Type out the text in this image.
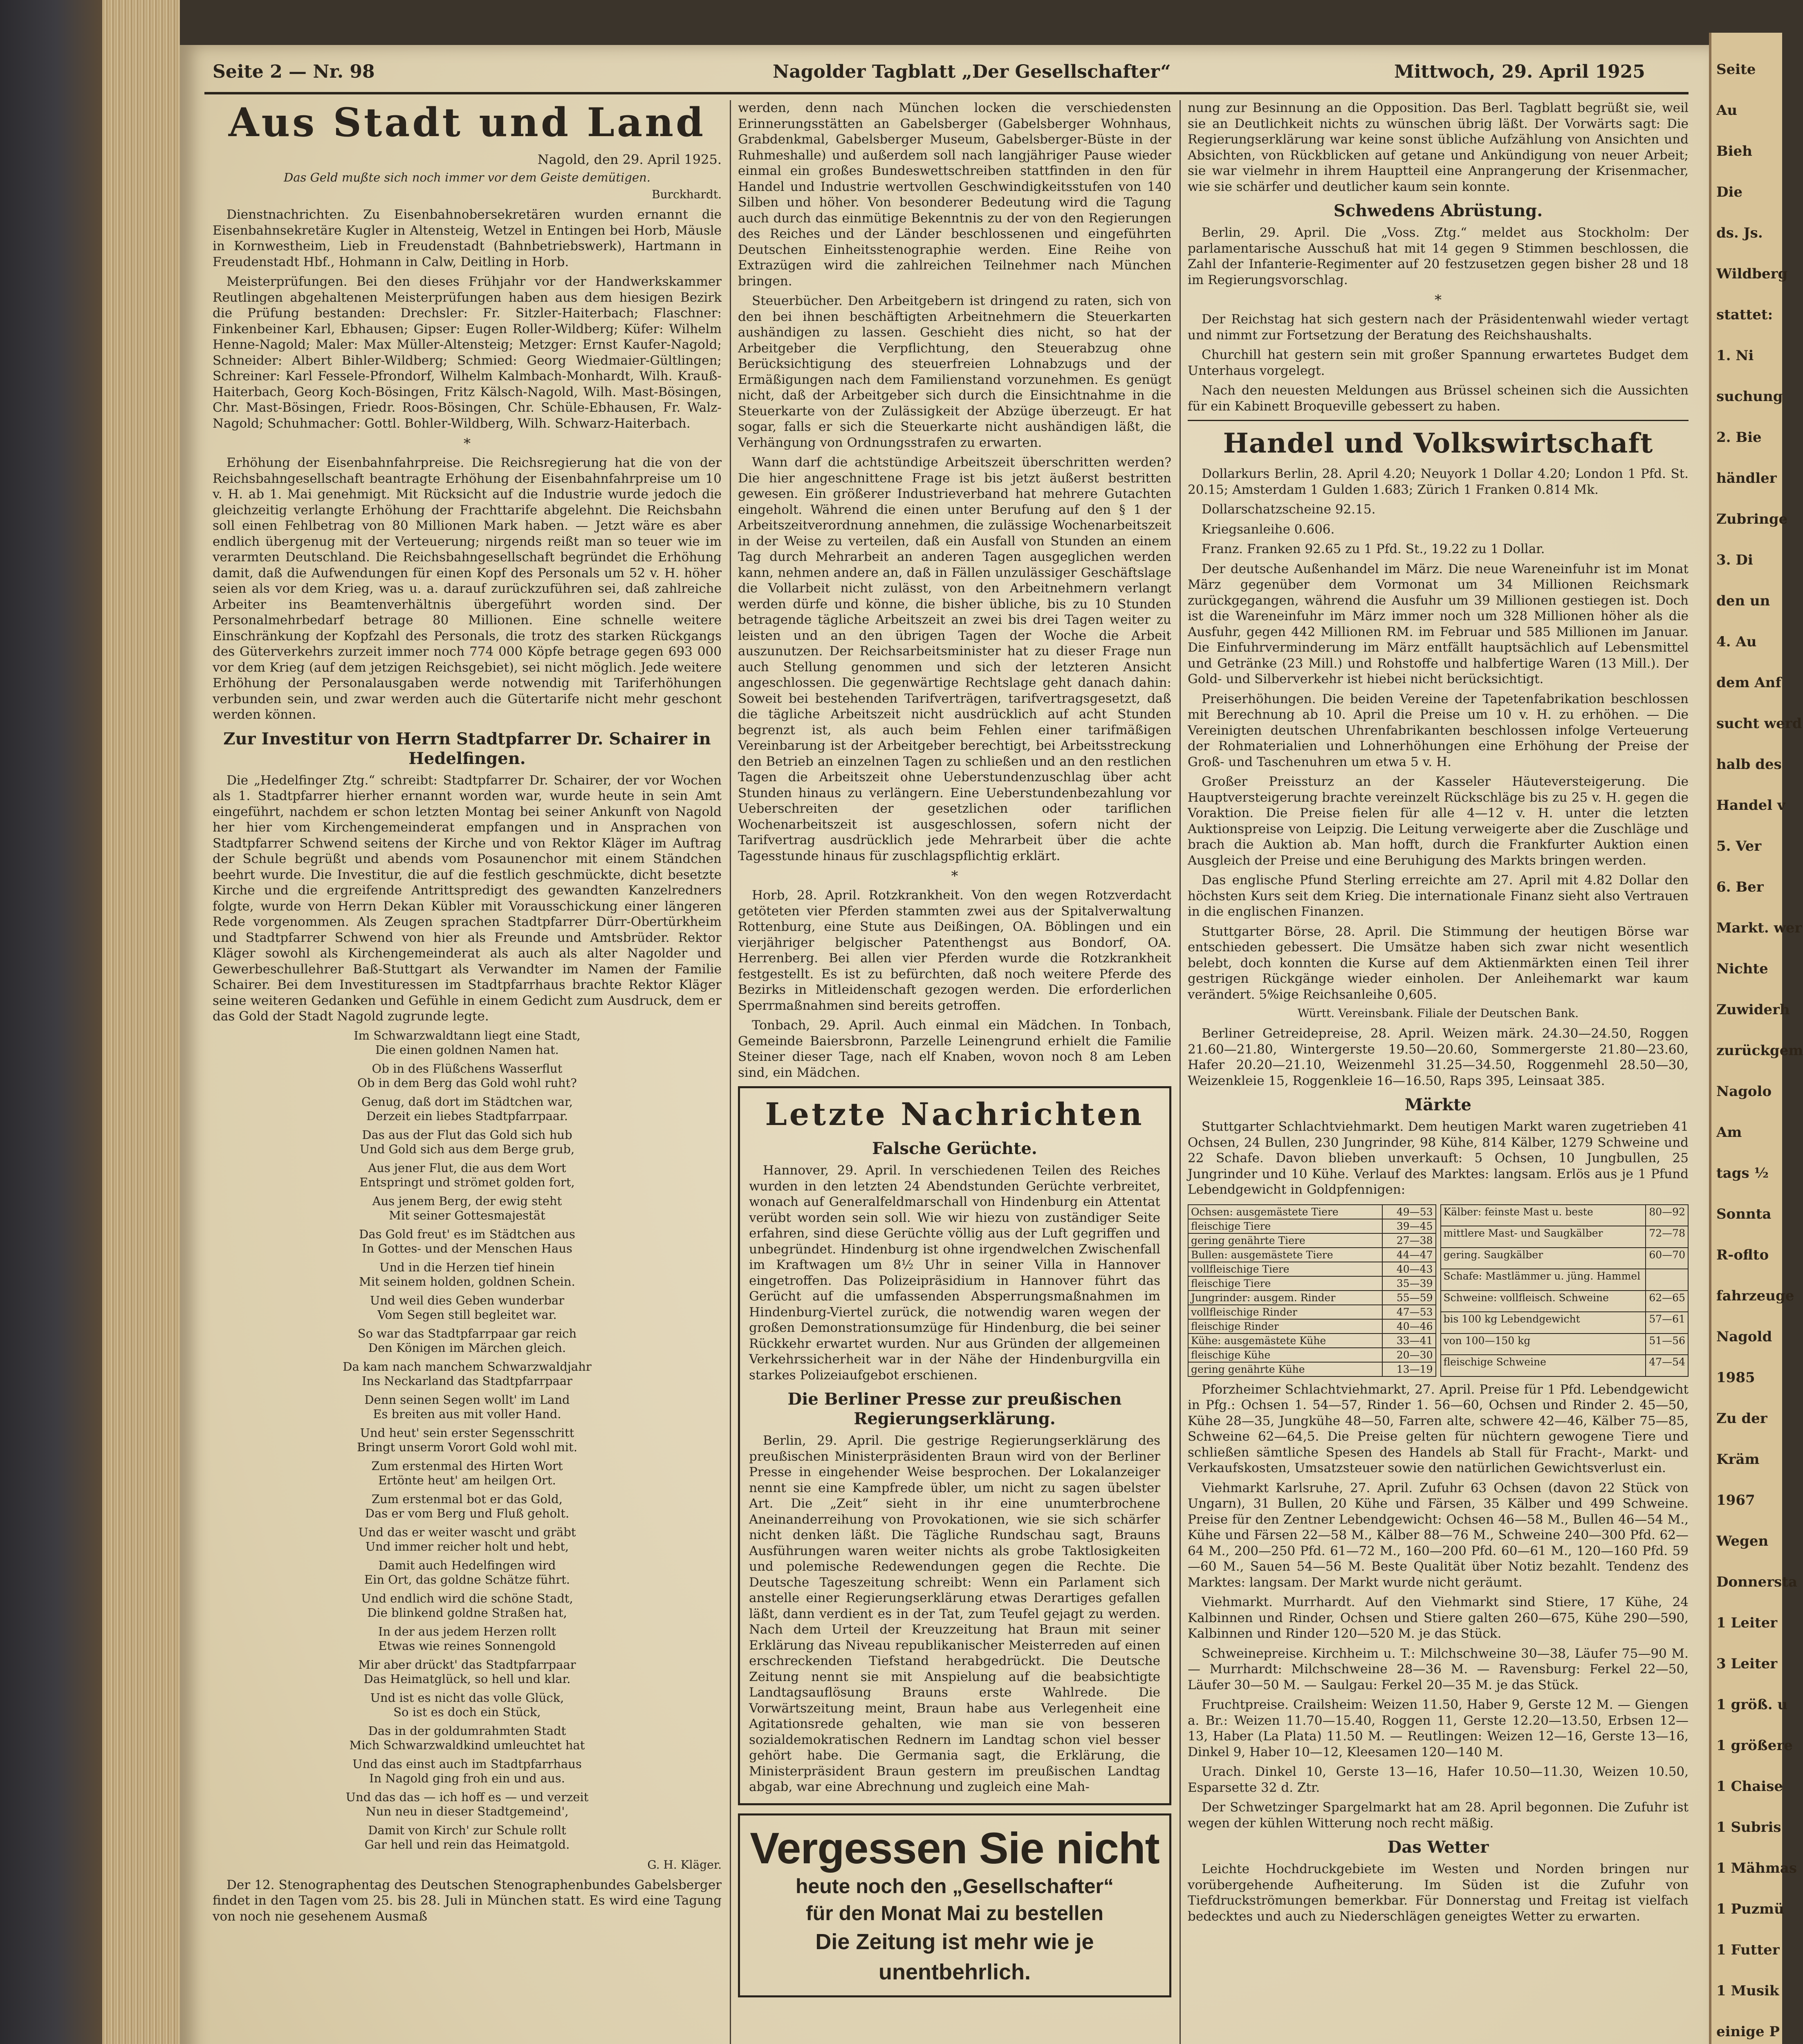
Seite
Au
Bieh
Die
ds. Js.
Wildberg
stattet:
1. Ni
suchung
2. Bie
händler
Zubringe
3. Di
den un
4. Au
dem Anf
sucht werd
halb des
Handel v
5. Ver
6. Ber
Markt. wer
Nichte
Zuwiderh
zurückgem
Nagolo
Am
tags ½
Sonnta
R-oflto
fahrzeuge
Nagold
1985
Zu der
Kräm
1967
Wegen
Donnersta
1 Leiter
3 Leiter
1 größ. u
1 größere
1 Chaise
1 Subris
1 Mähmas
1 Puzmü
1 Futter
1 Musik
einige P
Seite 2 — Nr. 98	Nagolder Tagblatt „Der Gesellschafter“	Mittwoch, 29. April 1925
Aus Stadt und Land
Nagold, den 29. April 1925.
Das Geld mußte sich noch immer vor dem Geiste demütigen.
Burckhardt.

Dienstnachrichten. Zu Eisenbahnobersekretären wurden ernannt die Eisenbahnsekretäre Kugler in Altensteig, Wetzel in Entingen bei Horb, Mäusle in Kornwestheim, Lieb in Freudenstadt (Bahnbetriebswerk), Hartmann in Freudenstadt Hbf., Hohmann in Calw, Deitling in Horb.

Meisterprüfungen. Bei den dieses Frühjahr vor der Handwerkskammer Reutlingen abgehaltenen Meisterprüfungen haben aus dem hiesigen Bezirk die Prüfung bestanden: Drechsler: Fr. Sitzler-Haiterbach; Flaschner: Finkenbeiner Karl, Ebhausen; Gipser: Eugen Roller-Wildberg; Küfer: Wilhelm Henne-Nagold; Maler: Max Müller-Altensteig; Metzger: Ernst Kaufer-Nagold; Schneider: Albert Bihler-Wildberg; Schmied: Georg Wiedmaier-Gültlingen; Schreiner: Karl Fessele-Pfrondorf, Wilhelm Kalmbach-Monhardt, Wilh. Krauß-Haiterbach, Georg Koch-Bösingen, Fritz Kälsch-Nagold, Wilh. Mast-Bösingen, Chr. Mast-Bösingen, Friedr. Roos-Bösingen, Chr. Schüle-Ebhausen, Fr. Walz-Nagold; Schuhmacher: Gottl. Bohler-Wildberg, Wilh. Schwarz-Haiterbach.

*

Erhöhung der Eisenbahnfahrpreise. Die Reichsregierung hat die von der Reichsbahngesellschaft beantragte Erhöhung der Eisenbahnfahrpreise um 10 v. H. ab 1. Mai genehmigt. Mit Rücksicht auf die Industrie wurde jedoch die gleichzeitig verlangte Erhöhung der Frachttarife abgelehnt. Die Reichsbahn soll einen Fehlbetrag von 80 Millionen Mark haben. — Jetzt wäre es aber endlich übergenug mit der Verteuerung; nirgends reißt man so teuer wie im verarmten Deutschland. Die Reichsbahngesellschaft begründet die Erhöhung damit, daß die Aufwendungen für einen Kopf des Personals um 52 v. H. höher seien als vor dem Krieg, was u. a. darauf zurückzuführen sei, daß zahlreiche Arbeiter ins Beamtenverhältnis übergeführt worden sind. Der Personalmehrbedarf betrage 80 Millionen. Eine schnelle weitere Einschränkung der Kopfzahl des Personals, die trotz des starken Rückgangs des Güterverkehrs zurzeit immer noch 774 000 Köpfe betrage gegen 693 000 vor dem Krieg (auf dem jetzigen Reichsgebiet), sei nicht möglich. Jede weitere Erhöhung der Personalausgaben werde notwendig mit Tariferhöhungen verbunden sein, und zwar werden auch die Gütertarife nicht mehr geschont werden können.

Zur Investitur von Herrn Stadtpfarrer Dr. Schairer in Hedelfingen.

Die „Hedelfinger Ztg.“ schreibt: Stadtpfarrer Dr. Schairer, der vor Wochen als 1. Stadtpfarrer hierher ernannt worden war, wurde heute in sein Amt eingeführt, nachdem er schon letzten Montag bei seiner Ankunft von Nagold her hier vom Kirchengemeinderat empfangen und in Ansprachen von Stadtpfarrer Schwend seitens der Kirche und von Rektor Kläger im Auftrag der Schule begrüßt und abends vom Posaunenchor mit einem Ständchen beehrt wurde. Die Investitur, die auf die festlich geschmückte, dicht besetzte Kirche und die ergreifende Antrittspredigt des gewandten Kanzelredners folgte, wurde von Herrn Dekan Kübler mit Vorausschickung einer längeren Rede vorgenommen. Als Zeugen sprachen Stadtpfarrer Dürr-Obertürkheim und Stadtpfarrer Schwend von hier als Freunde und Amtsbrüder. Rektor Kläger sowohl als Kirchengemeinderat als auch als alter Nagolder und Gewerbeschullehrer Baß-Stuttgart als Verwandter im Namen der Familie Schairer. Bei dem Investituressen im Stadtpfarrhaus brachte Rektor Kläger seine weiteren Gedanken und Gefühle in einem Gedicht zum Ausdruck, dem er das Gold der Stadt Nagold zugrunde legte.

Im Schwarzwaldtann liegt eine Stadt,
Die einen goldnen Namen hat.
Ob in des Flüßchens Wasserflut
Ob in dem Berg das Gold wohl ruht?
Genug, daß dort im Städtchen war,
Derzeit ein liebes Stadtpfarrpaar.
Das aus der Flut das Gold sich hub
Und Gold sich aus dem Berge grub,
Aus jener Flut, die aus dem Wort
Entspringt und strömet golden fort,
Aus jenem Berg, der ewig steht
Mit seiner Gottesmajestät
Das Gold freut' es im Städtchen aus
In Gottes- und der Menschen Haus
Und in die Herzen tief hinein
Mit seinem holden, goldnen Schein.
Und weil dies Geben wunderbar
Vom Segen still begleitet war.
So war das Stadtpfarrpaar gar reich
Den Königen im Märchen gleich.
Da kam nach manchem Schwarzwaldjahr
Ins Neckarland das Stadtpfarrpaar
Denn seinen Segen wollt' im Land
Es breiten aus mit voller Hand.
Und heut' sein erster Segensschritt
Bringt unserm Vorort Gold wohl mit.
Zum erstenmal des Hirten Wort
Ertönte heut' am heilgen Ort.
Zum erstenmal bot er das Gold,
Das er vom Berg und Fluß geholt.
Und das er weiter wascht und gräbt
Und immer reicher holt und hebt,
Damit auch Hedelfingen wird
Ein Ort, das goldne Schätze führt.
Und endlich wird die schöne Stadt,
Die blinkend goldne Straßen hat,
In der aus jedem Herzen rollt
Etwas wie reines Sonnengold
Mir aber drückt' das Stadtpfarrpaar
Das Heimatglück, so hell und klar.
Und ist es nicht das volle Glück,
So ist es doch ein Stück,
Das in der goldumrahmten Stadt
Mich Schwarzwaldkind umleuchtet hat
Und das einst auch im Stadtpfarrhaus
In Nagold ging froh ein und aus.
Und das das — ich hoff es — und verzeit
Nun neu in dieser Stadtgemeind',
Damit von Kirch' zur Schule rollt
Gar hell und rein das Heimatgold.
G. H. Kläger.

Der 12. Stenographentag des Deutschen Stenographenbundes Gabelsberger findet in den Tagen vom 25. bis 28. Juli in München statt. Es wird eine Tagung von noch nie gesehenem Ausmaß

werden, denn nach München locken die verschiedensten Erinnerungsstätten an Gabelsberger (Gabelsberger Wohnhaus, Grabdenkmal, Gabelsberger Museum, Gabelsberger-Büste in der Ruhmeshalle) und außerdem soll nach langjähriger Pause wieder einmal ein großes Bundeswettschreiben stattfinden in den für Handel und Industrie wertvollen Geschwindigkeitsstufen von 140 Silben und höher. Von besonderer Bedeutung wird die Tagung auch durch das einmütige Bekenntnis zu der von den Regierungen des Reiches und der Länder beschlossenen und eingeführten Deutschen Einheitsstenographie werden. Eine Reihe von Extrazügen wird die zahlreichen Teilnehmer nach München bringen.

Steuerbücher. Den Arbeitgebern ist dringend zu raten, sich von den bei ihnen beschäftigten Arbeitnehmern die Steuerkarten aushändigen zu lassen. Geschieht dies nicht, so hat der Arbeitgeber die Verpflichtung, den Steuerabzug ohne Berücksichtigung des steuerfreien Lohnabzugs und der Ermäßigungen nach dem Familienstand vorzunehmen. Es genügt nicht, daß der Arbeitgeber sich durch die Einsichtnahme in die Steuerkarte von der Zulässigkeit der Abzüge überzeugt. Er hat sogar, falls er sich die Steuerkarte nicht aushändigen läßt, die Verhängung von Ordnungsstrafen zu erwarten.

Wann darf die achtstündige Arbeitszeit überschritten werden? Die hier angeschnittene Frage ist bis jetzt äußerst bestritten gewesen. Ein größerer Industrieverband hat mehrere Gutachten eingeholt. Während die einen unter Berufung auf den § 1 der Arbeitszeitverordnung annehmen, die zulässige Wochenarbeitszeit in der Weise zu verteilen, daß ein Ausfall von Stunden an einem Tag durch Mehrarbeit an anderen Tagen ausgeglichen werden kann, nehmen andere an, daß in Fällen unzulässiger Geschäftslage die Vollarbeit nicht zulässt, von den Arbeitnehmern verlangt werden dürfe und könne, die bisher übliche, bis zu 10 Stunden betragende tägliche Arbeitszeit an zwei bis drei Tagen weiter zu leisten und an den übrigen Tagen der Woche die Arbeit auszunutzen. Der Reichsarbeitsminister hat zu dieser Frage nun auch Stellung genommen und sich der letzteren Ansicht angeschlossen. Die gegenwärtige Rechtslage geht danach dahin: Soweit bei bestehenden Tarifverträgen, tarifvertragsgesetzt, daß die tägliche Arbeitszeit nicht ausdrücklich auf acht Stunden begrenzt ist, als auch beim Fehlen einer tarifmäßigen Vereinbarung ist der Arbeitgeber berechtigt, bei Arbeitsstreckung den Betrieb an einzelnen Tagen zu schließen und an den restlichen Tagen die Arbeitszeit ohne Ueberstundenzuschlag über acht Stunden hinaus zu verlängern. Eine Ueberstundenbezahlung vor Ueberschreiten der gesetzlichen oder tariflichen Wochenarbeitszeit ist ausgeschlossen, sofern nicht der Tarifvertrag ausdrücklich jede Mehrarbeit über die achte Tagesstunde hinaus für zuschlagspflichtig erklärt.

*

Horb, 28. April. Rotzkrankheit. Von den wegen Rotzverdacht getöteten vier Pferden stammten zwei aus der Spitalverwaltung Rottenburg, eine Stute aus Deißingen, OA. Böblingen und ein vierjähriger belgischer Patenthengst aus Bondorf, OA. Herrenberg. Bei allen vier Pferden wurde die Rotzkrankheit festgestellt. Es ist zu befürchten, daß noch weitere Pferde des Bezirks in Mitleidenschaft gezogen werden. Die erforderlichen Sperrmaßnahmen sind bereits getroffen.

Tonbach, 29. April. Auch einmal ein Mädchen. In Tonbach, Gemeinde Baiersbronn, Parzelle Leinengrund erhielt die Familie Steiner dieser Tage, nach elf Knaben, wovon noch 8 am Leben sind, ein Mädchen.

Letzte Nachrichten
Falsche Gerüchte.

Hannover, 29. April. In verschiedenen Teilen des Reiches wurden in den letzten 24 Abendstunden Gerüchte verbreitet, wonach auf Generalfeldmarschall von Hindenburg ein Attentat verübt worden sein soll. Wie wir hiezu von zuständiger Seite erfahren, sind diese Gerüchte völlig aus der Luft gegriffen und unbegründet. Hindenburg ist ohne irgendwelchen Zwischenfall im Kraftwagen um 8½ Uhr in seiner Villa in Hannover eingetroffen. Das Polizeipräsidium in Hannover führt das Gerücht auf die umfassenden Absperrungsmaßnahmen im Hindenburg-Viertel zurück, die notwendig waren wegen der großen Demonstrationsumzüge für Hindenburg, die bei seiner Rückkehr erwartet wurden. Nur aus Gründen der allgemeinen Verkehrssicherheit war in der Nähe der Hindenburgvilla ein starkes Polizeiaufgebot erschienen.

Die Berliner Presse zur preußischen Regierungserklärung.

Berlin, 29. April. Die gestrige Regierungserklärung des preußischen Ministerpräsidenten Braun wird von der Berliner Presse in eingehender Weise besprochen. Der Lokalanzeiger nennt sie eine Kampfrede übler, um nicht zu sagen übelster Art. Die „Zeit“ sieht in ihr eine unumterbrochene Aneinanderreihung von Provokationen, wie sie sich schärfer nicht denken läßt. Die Tägliche Rundschau sagt, Brauns Ausführungen waren weiter nichts als grobe Taktlosigkeiten und polemische Redewendungen gegen die Rechte. Die Deutsche Tageszeitung schreibt: Wenn ein Parlament sich anstelle einer Regierungserklärung etwas Derartiges gefallen läßt, dann verdient es in der Tat, zum Teufel gejagt zu werden. Nach dem Urteil der Kreuzzeitung hat Braun mit seiner Erklärung das Niveau republikanischer Meisterreden auf einen erschreckenden Tiefstand herabgedrückt. Die Deutsche Zeitung nennt sie mit Anspielung auf die beabsichtigte Landtagsauflösung Brauns erste Wahlrede. Die Vorwärtszeitung meint, Braun habe aus Verlegenheit eine Agitationsrede gehalten, wie man sie von besseren sozialdemokratischen Rednern im Landtag schon viel besser gehört habe. Die Germania sagt, die Erklärung, die Ministerpräsident Braun gestern im preußischen Landtag abgab, war eine Abrechnung und zugleich eine Mah-

Vergessen Sie nicht
heute noch den „Gesellschafter“
für den Monat Mai zu bestellen
Die Zeitung ist mehr wie je unentbehrlich.

nung zur Besinnung an die Opposition. Das Berl. Tagblatt begrüßt sie, weil sie an Deutlichkeit nichts zu wünschen übrig läßt. Der Vorwärts sagt: Die Regierungserklärung war keine sonst übliche Aufzählung von Ansichten und Absichten, von Rückblicken auf getane und Ankündigung von neuer Arbeit; sie war vielmehr in ihrem Hauptteil eine Anprangerung der Krisenmacher, wie sie schärfer und deutlicher kaum sein konnte.

Schwedens Abrüstung.

Berlin, 29. April. Die „Voss. Ztg.“ meldet aus Stockholm: Der parlamentarische Ausschuß hat mit 14 gegen 9 Stimmen beschlossen, die Zahl der Infanterie-Regimenter auf 20 festzusetzen gegen bisher 28 und 18 im Regierungsvorschlag.

*

Der Reichstag hat sich gestern nach der Präsidentenwahl wieder vertagt und nimmt zur Fortsetzung der Beratung des Reichshaushalts.

Churchill hat gestern sein mit großer Spannung erwartetes Budget dem Unterhaus vorgelegt.

Nach den neuesten Meldungen aus Brüssel scheinen sich die Aussichten für ein Kabinett Broqueville gebessert zu haben.

Handel und Volkswirtschaft

Dollarkurs Berlin, 28. April 4.20; Neuyork 1 Dollar 4.20; London 1 Pfd. St. 20.15; Amsterdam 1 Gulden 1.683; Zürich 1 Franken 0.814 Mk.

Dollarschatzscheine 92.15.

Kriegsanleihe 0.606.

Franz. Franken 92.65 zu 1 Pfd. St., 19.22 zu 1 Dollar.

Der deutsche Außenhandel im März. Die neue Wareneinfuhr ist im Monat März gegenüber dem Vormonat um 34 Millionen Reichsmark zurückgegangen, während die Ausfuhr um 39 Millionen gestiegen ist. Doch ist die Wareneinfuhr im März immer noch um 328 Millionen höher als die Ausfuhr, gegen 442 Millionen RM. im Februar und 585 Millionen im Januar. Die Einfuhrverminderung im März entfällt hauptsächlich auf Lebensmittel und Getränke (23 Mill.) und Rohstoffe und halbfertige Waren (13 Mill.). Der Gold- und Silberverkehr ist hiebei nicht berücksichtigt.

Preiserhöhungen. Die beiden Vereine der Tapetenfabrikation beschlossen mit Berechnung ab 10. April die Preise um 10 v. H. zu erhöhen. — Die Vereinigten deutschen Uhrenfabrikanten beschlossen infolge Verteuerung der Rohmaterialien und Lohnerhöhungen eine Erhöhung der Preise der Groß- und Taschenuhren um etwa 5 v. H.

Großer Preissturz an der Kasseler Häuteversteigerung. Die Hauptversteigerung brachte vereinzelt Rückschläge bis zu 25 v. H. gegen die Voraktion. Die Preise fielen für alle 4—12 v. H. unter die letzten Auktionspreise von Leipzig. Die Leitung verweigerte aber die Zuschläge und brach die Auktion ab. Man hofft, durch die Frankfurter Auktion einen Ausgleich der Preise und eine Beruhigung des Markts bringen werden.

Das englische Pfund Sterling erreichte am 27. April mit 4.82 Dollar den höchsten Kurs seit dem Krieg. Die internationale Finanz sieht also Vertrauen in die englischen Finanzen.

Stuttgarter Börse, 28. April. Die Stimmung der heutigen Börse war entschieden gebessert. Die Umsätze haben sich zwar nicht wesentlich belebt, doch konnten die Kurse auf dem Aktienmärkten einen Teil ihrer gestrigen Rückgänge wieder einholen. Der Anleihemarkt war kaum verändert. 5%ige Reichsanleihe 0,605.

Württ. Vereinsbank. Filiale der Deutschen Bank.

Berliner Getreidepreise, 28. April. Weizen märk. 24.30—24.50, Roggen 21.60—21.80, Wintergerste 19.50—20.60, Sommergerste 21.80—23.60, Hafer 20.20—21.10, Weizenmehl 31.25—34.50, Roggenmehl 28.50—30, Weizenkleie 15, Roggenkleie 16—16.50, Raps 395, Leinsaat 385.

Märkte

Stuttgarter Schlachtviehmarkt. Dem heutigen Markt waren zugetrieben 41 Ochsen, 24 Bullen, 230 Jungrinder, 98 Kühe, 814 Kälber, 1279 Schweine und 22 Schafe. Davon blieben unverkauft: 5 Ochsen, 10 Jungbullen, 25 Jungrinder und 10 Kühe. Verlauf des Marktes: langsam. Erlös aus je 1 Pfund Lebendgewicht in Goldpfennigen:

Ochsen: ausgemästete Tiere	49—53
fleischige Tiere	39—45
gering genährte Tiere	27—38
Bullen: ausgemästete Tiere	44—47
vollfleischige Tiere	40—43
fleischige Tiere	35—39
Jungrinder: ausgem. Rinder	55—59
vollfleischige Rinder	47—53
fleischige Rinder	40—46
Kühe: ausgemästete Kühe	33—41
fleischige Kühe	20—30
gering genährte Kühe	13—19
Kälber: feinste Mast u. beste	80—92
mittlere Mast- und Saugkälber	72—78
gering. Saugkälber	60—70
Schafe: Mastlämmer u. jüng. Hammel	
Schweine: vollfleisch. Schweine	62—65
bis 100 kg Lebendgewicht	57—61
von 100—150 kg	51—56
fleischige Schweine	47—54

Pforzheimer Schlachtviehmarkt, 27. April. Preise für 1 Pfd. Lebendgewicht in Pfg.: Ochsen 1. 54—57, Rinder 1. 56—60, Ochsen und Rinder 2. 45—50, Kühe 28—35, Jungkühe 48—50, Farren alte, schwere 42—46, Kälber 75—85, Schweine 62—64,5. Die Preise gelten für nüchtern gewogene Tiere und schließen sämtliche Spesen des Handels ab Stall für Fracht-, Markt- und Verkaufskosten, Umsatzsteuer sowie den natürlichen Gewichtsverlust ein.

Viehmarkt Karlsruhe, 27. April. Zufuhr 63 Ochsen (davon 22 Stück von Ungarn), 31 Bullen, 20 Kühe und Färsen, 35 Kälber und 499 Schweine. Preise für den Zentner Lebendgewicht: Ochsen 46—58 M., Bullen 46—54 M., Kühe und Färsen 22—58 M., Kälber 88—76 M., Schweine 240—300 Pfd. 62—64 M., 200—250 Pfd. 61—72 M., 160—200 Pfd. 60—61 M., 120—160 Pfd. 59—60 M., Sauen 54—56 M. Beste Qualität über Notiz bezahlt. Tendenz des Marktes: langsam. Der Markt wurde nicht geräumt.

Viehmarkt. Murrhardt. Auf den Viehmarkt sind Stiere, 17 Kühe, 24 Kalbinnen und Rinder, Ochsen und Stiere galten 260—675, Kühe 290—590, Kalbinnen und Rinder 120—520 M. je das Stück.

Schweinepreise. Kirchheim u. T.: Milchschweine 30—38, Läufer 75—90 M. — Murrhardt: Milchschweine 28—36 M. — Ravensburg: Ferkel 22—50, Läufer 30—50 M. — Saulgau: Ferkel 20—35 M. je das Stück.

Fruchtpreise. Crailsheim: Weizen 11.50, Haber 9, Gerste 12 M. — Giengen a. Br.: Weizen 11.70—15.40, Roggen 11, Gerste 12.20—13.50, Erbsen 12—13, Haber (La Plata) 11.50 M. — Reutlingen: Weizen 12—16, Gerste 13—16, Dinkel 9, Haber 10—12, Kleesamen 120—140 M.

Urach. Dinkel 10, Gerste 13—16, Hafer 10.50—11.30, Weizen 10.50, Esparsette 32 d. Ztr.

Der Schwetzinger Spargelmarkt hat am 28. April begonnen. Die Zufuhr ist wegen der kühlen Witterung noch recht mäßig.

Das Wetter

Leichte Hochdruckgebiete im Westen und Norden bringen nur vorübergehende Aufheiterung. Im Süden ist die Zufuhr von Tiefdruckströmungen bemerkbar. Für Donnerstag und Freitag ist vielfach bedecktes und auch zu Niederschlägen geneigtes Wetter zu erwarten.
